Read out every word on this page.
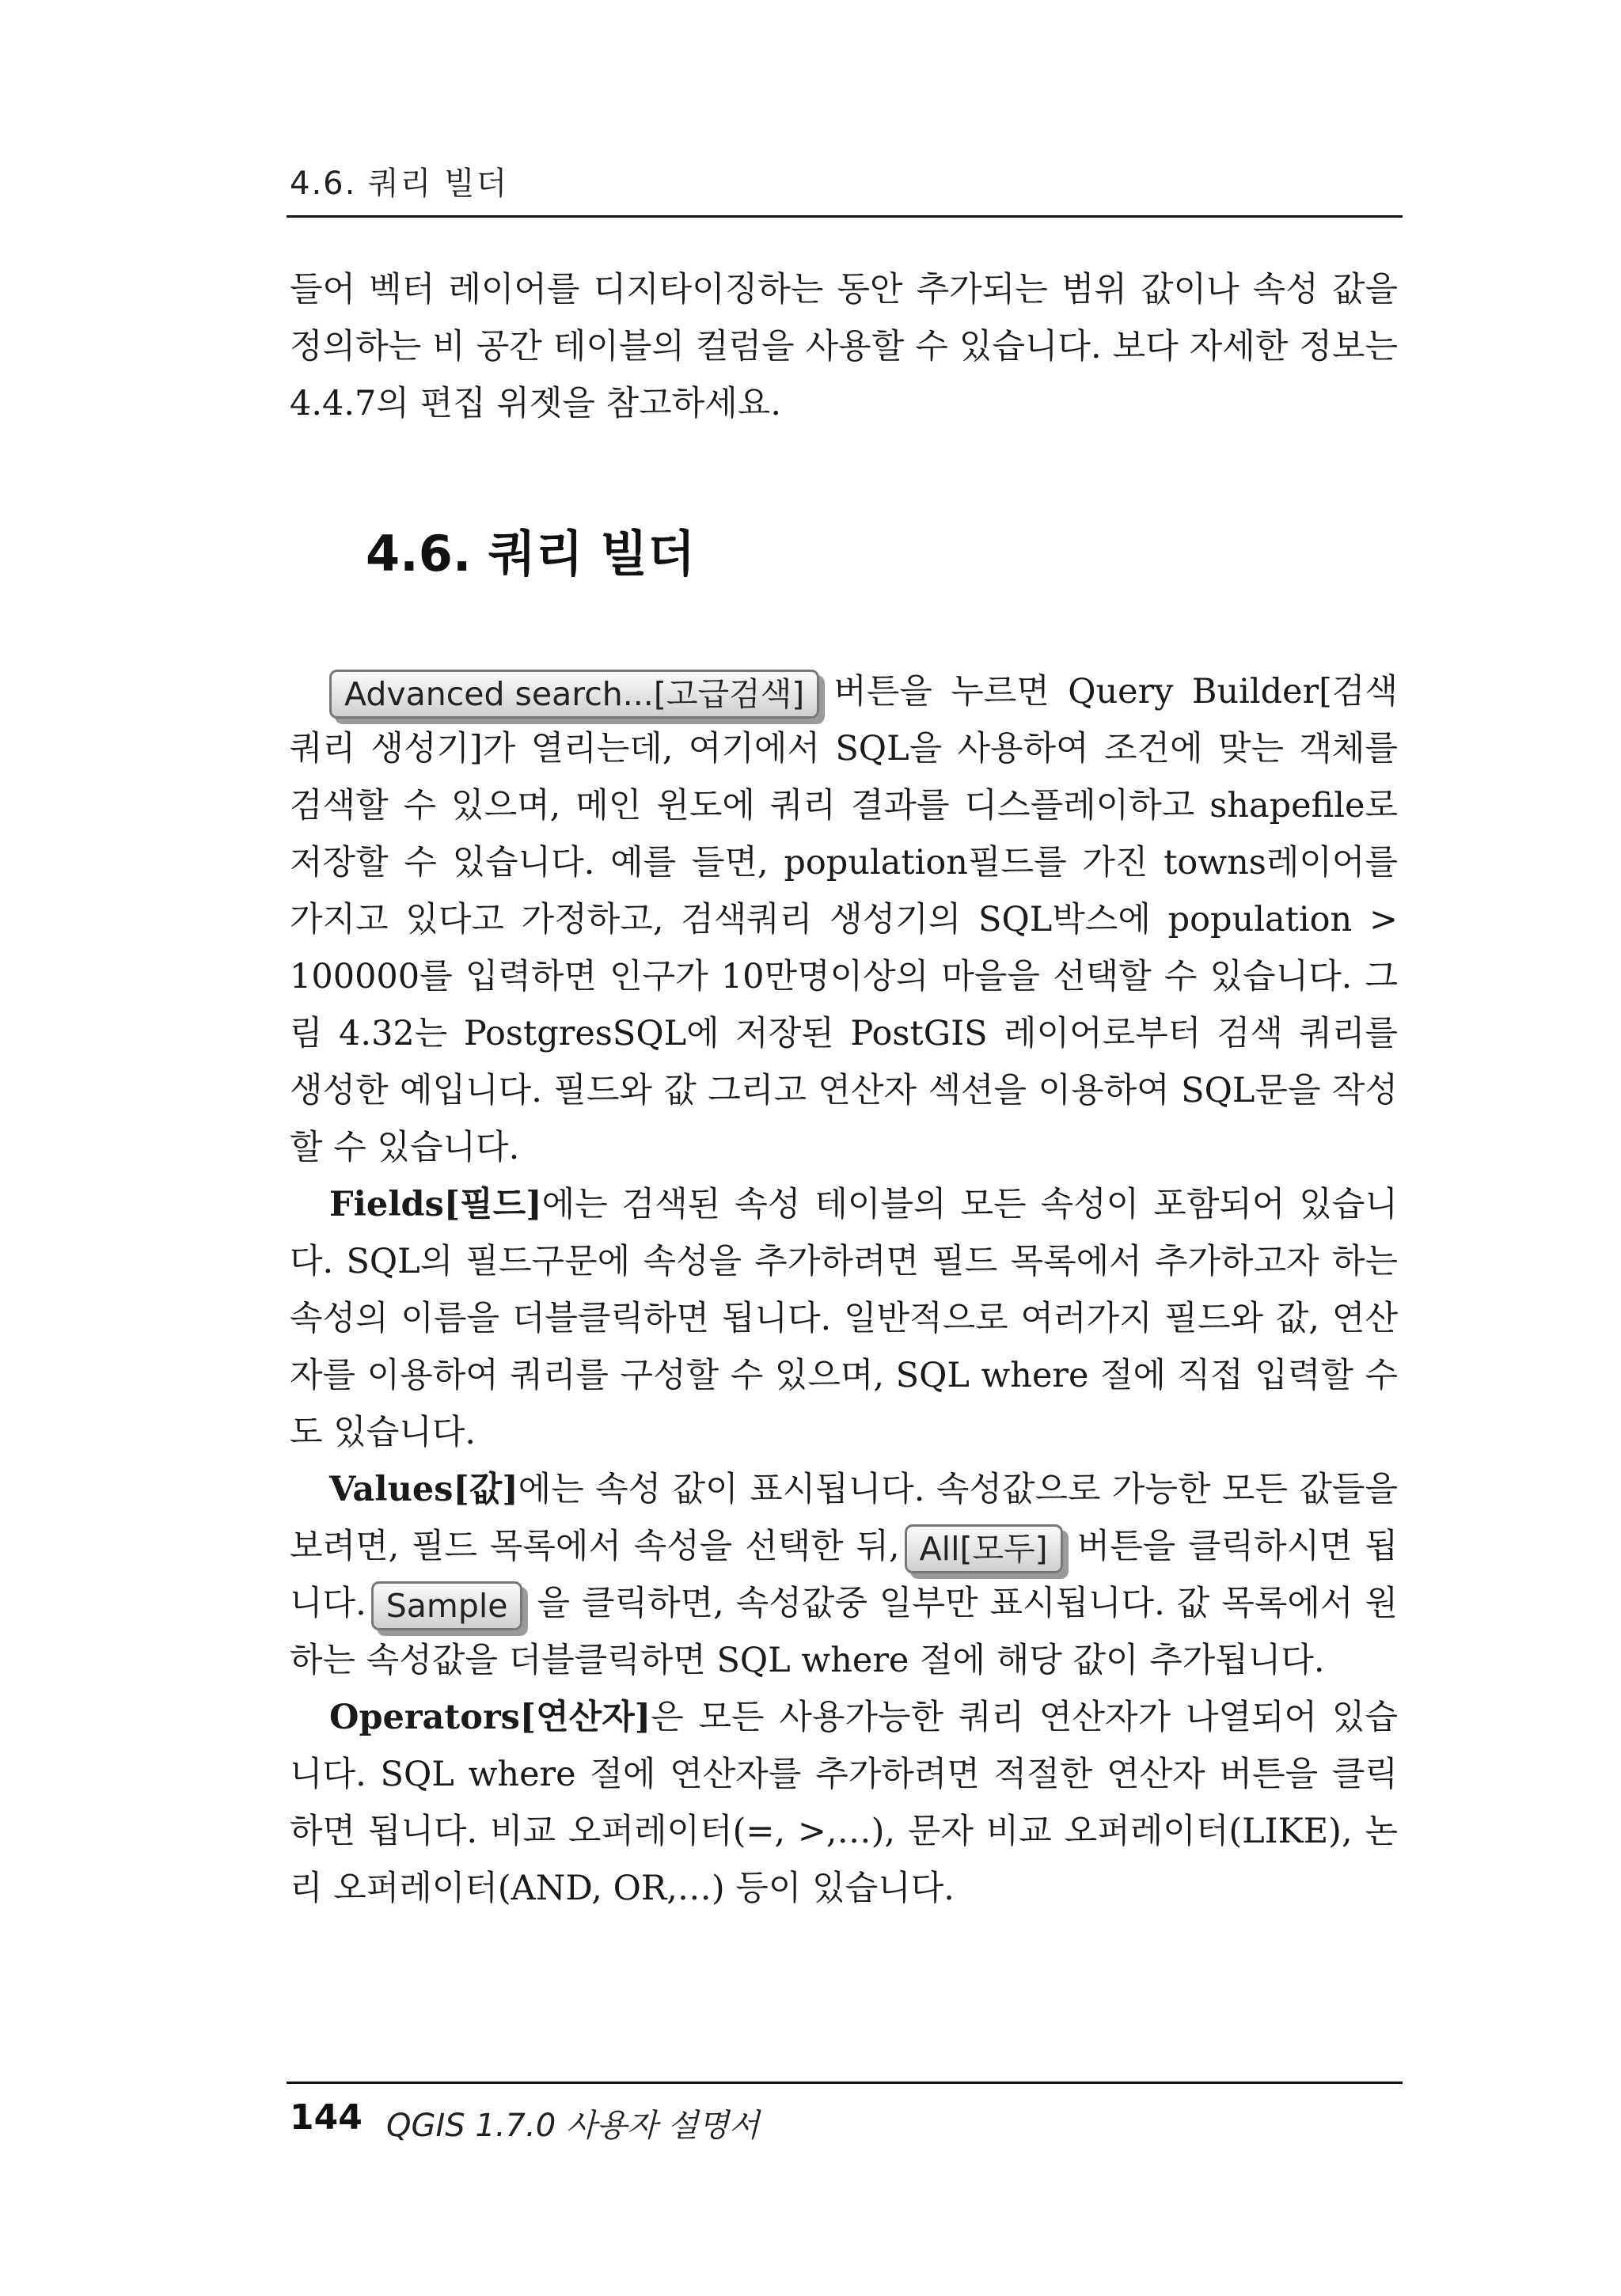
4.6. 쿼리 빌더
들어 벡터 레이어를 디지타이징하는 동안 추가되는 범위 값이나 속성 값을 정의하는 비 공간 테이블의 컬럼을 사용할 수 있습니다. 보다 자세한 정보는 4.4.7의 편집 위젯을 참고하세요.
4.6. 쿼리 빌더

Advanced search...[고급검색] 버튼을 누르면 Query Builder[검색쿼리 생성기]가 열리는데, 여기에서 SQL을 사용하여 조건에 맞는 객체를 검색할 수 있으며, 메인 윈도에 쿼리 결과를 디스플레이하고 shapefile로 저장할 수 있습니다. 예를 들면, population필드를 가진 towns레이어를 가지고 있다고 가정하고, 검색쿼리 생성기의 SQL박스에 population > 100000를 입력하면 인구가 10만명이상의 마을을 선택할 수 있습니다. 그림 4.32는 PostgresSQL에 저장된 PostGIS 레이어로부터 검색 쿼리를 생성한 예입니다. 필드와 값 그리고 연산자 섹션을 이용하여 SQL문을 작성할 수 있습니다.

Fields[필드]에는 검색된 속성 테이블의 모든 속성이 포함되어 있습니다. SQL의 필드구문에 속성을 추가하려면 필드 목록에서 추가하고자 하는 속성의 이름을 더블클릭하면 됩니다. 일반적으로 여러가지 필드와 값, 연산자를 이용하여 쿼리를 구성할 수 있으며, SQL where 절에 직접 입력할 수도 있습니다.

Values[값]에는 속성 값이 표시됩니다. 속성값으로 가능한 모든 값들을 보려면, 필드 목록에서 속성을 선택한 뒤, All[모두] 버튼을 클릭하시면 됩니다. Sample 을 클릭하면, 속성값중 일부만 표시됩니다. 값 목록에서 원하는 속성값을 더블클릭하면 SQL where 절에 해당 값이 추가됩니다.

Operators[연산자]은 모든 사용가능한 쿼리 연산자가 나열되어 있습니다. SQL where 절에 연산자를 추가하려면 적절한 연산자 버튼을 클릭하면 됩니다. 비교 오퍼레이터(=, >,…), 문자 비교 오퍼레이터(LIKE), 논리 오퍼레이터(AND, OR,…) 등이 있습니다.

144 QGIS 1.7.0 사용자 설명서
